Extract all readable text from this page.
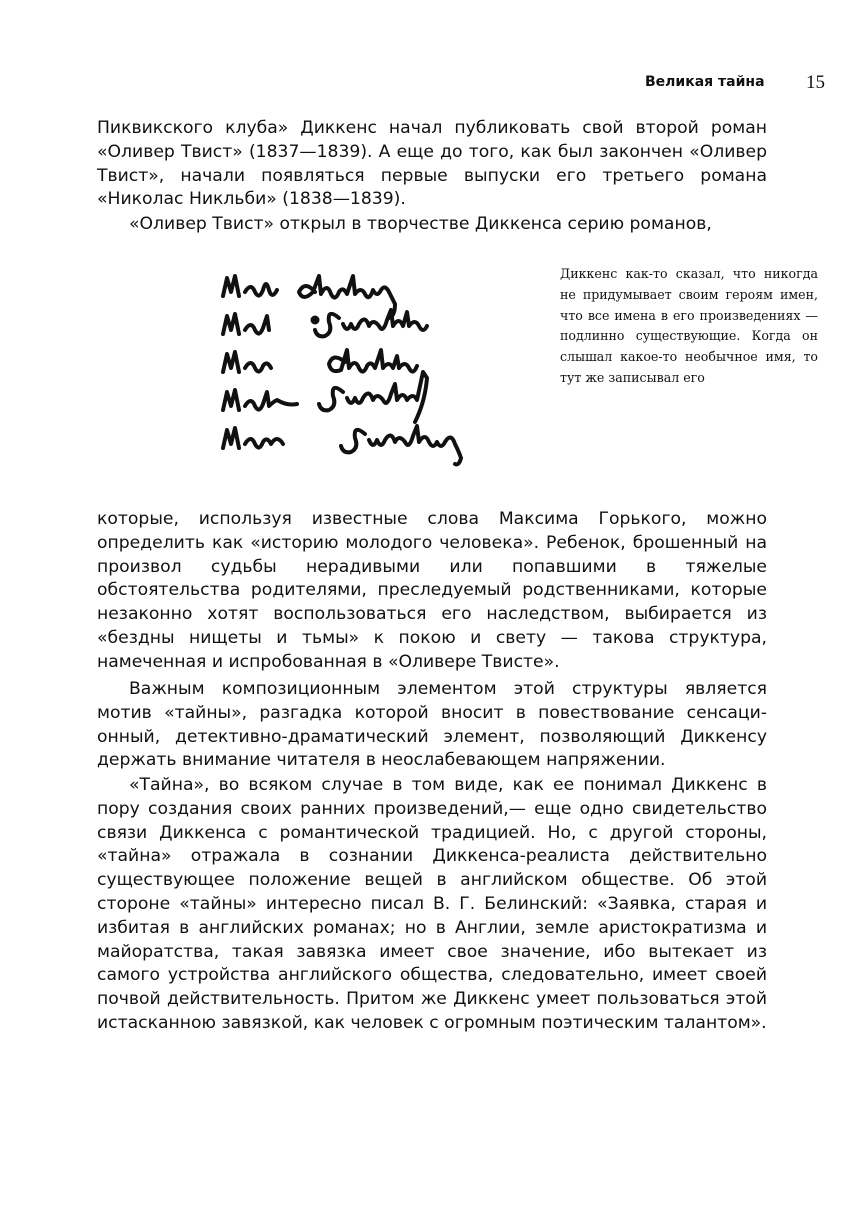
Великая тайна 15

Пиквикского клуба» Диккенс начал публиковать свой второй роман «Оливер Твист» (1837—1839). А еще до того, как был закончен «Оливер Твист», начали появляться первые выпуски его третьего романа «Николас Никльби» (1838—1839).

«Оливер Твист» открыл в творчестве Диккенса серию романов,

Диккенс как-то сказал, что никогда не придумывает своим героям имен, что все имена в его произведениях — подлинно существующие. Когда он слышал какое-то необычное имя, то тут же записывал его

которые, используя известные слова Максима Горького, можно определить как «историю молодого человека». Ребенок, брошенный на произвол судьбы нерадивыми или попавшими в тяжелые обстоятельства родителями, преследуемый родственниками, которые незаконно хотят воспользоваться его наследством, выбирается из «бездны нищеты и тьмы» к покою и свету — такова структура, намеченная и испробованная в «Оливере Твисте».

Важным композиционным элементом этой структуры является мотив «тайны», разгадка которой вносит в повествование сенсационный, детективно-драматический элемент, позволяющий Диккенсу держать внимание читателя в неослабевающем напряжении.

«Тайна», во всяком случае в том виде, как ее понимал Диккенс в пору создания своих ранних произведений,— еще одно свидетельство связи Диккенса с романтической традицией. Но, с другой стороны, «тайна» отражала в сознании Диккенса-реалиста действительно существующее положение вещей в английском обществе. Об этой стороне «тайны» интересно писал В. Г. Белинский: «Заявка, старая и избитая в английских романах; но в Англии, земле аристократизма и майоратства, такая завязка имеет свое значение, ибо вытекает из самого устройства английского общества, следовательно, имеет своей почвой действительность. Притом же Диккенс умеет пользоваться этой истасканною завязкой, как человек с огромным поэтическим талантом».
